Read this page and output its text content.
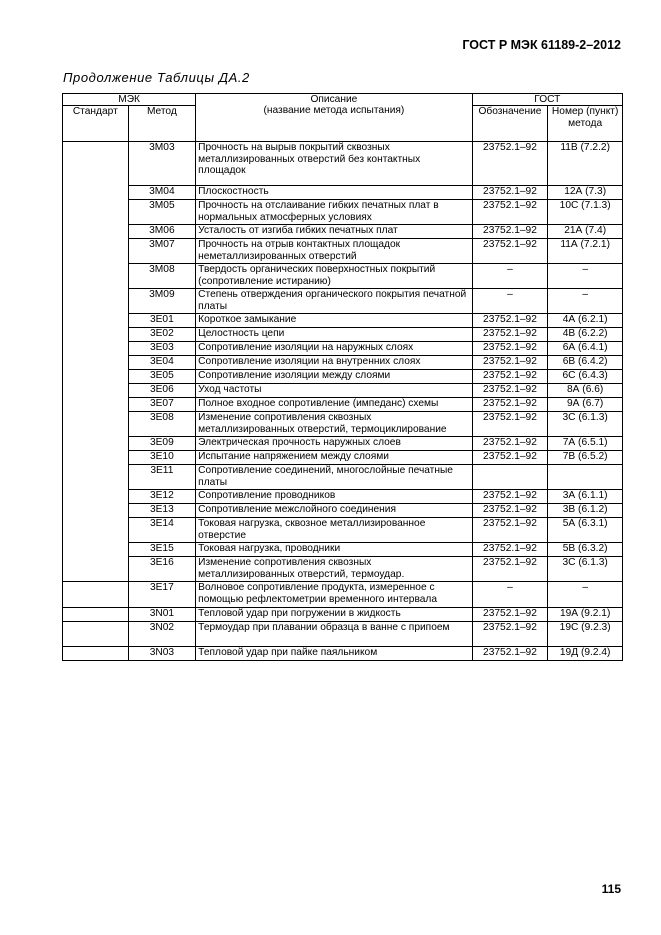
ГОСТ Р МЭК 61189-2–2012
Продолжение Таблицы ДА.2
МЭК		Описание
(название метода испытания)	ГОСТ	
Стандарт	Метод		Обозначение	Номер (пункт) метода
	3М03	Прочность на вырыв покрытий сквозных металлизированных отверстий без контактных площадок	23752.1–92	11В (7.2.2)
	3М04	Плоскостность	23752.1–92	12А (7.3)
	3М05	Прочность на отслаивание гибких печатных плат в нормальных атмосферных условиях	23752.1–92	10С (7.1.3)
	3М06	Усталость от изгиба гибких печатных плат	23752.1–92	21А (7.4)
	3М07	Прочность на отрыв контактных площадок неметаллизированных отверстий	23752.1–92	11А (7.2.1)
	3М08	Твердость органических поверхностных покрытий (сопротивление истиранию)	–	–
	3М09	Степень отверждения органического покрытия печатной платы	–	–
	3Е01	Короткое замыкание	23752.1–92	4А (6.2.1)
	3Е02	Целостность цепи	23752.1–92	4В (6.2.2)
	3Е03	Сопротивление изоляции на наружных слоях	23752.1–92	6А (6.4.1)
	3Е04	Сопротивление изоляции на внутренних слоях	23752.1–92	6В (6.4.2)
	3Е05	Сопротивление изоляции между слоями	23752.1–92	6С (6.4.3)
	3Е06	Уход частоты	23752.1–92	8А (6.6)
	3Е07	Полное входное сопротивление (импеданс) схемы	23752.1–92	9А (6.7)
	3Е08	Изменение сопротивления сквозных металлизированных отверстий, термоциклирование	23752.1–92	3С (6.1.3)
	3Е09	Электрическая прочность наружных слоев	23752.1–92	7А (6.5.1)
	3Е10	Испытание напряжением между слоями	23752.1–92	7В (6.5.2)
	3Е11	Сопротивление соединений, многослойные печатные платы		
	3Е12	Сопротивление проводников	23752.1–92	3А (6.1.1)
	3Е13	Сопротивление межслойного соединения	23752.1–92	3В (6.1.2)
	3Е14	Токовая нагрузка, сквозное металлизированное отверстие	23752.1–92	5А (6.3.1)
	3Е15	Токовая нагрузка, проводники	23752.1–92	5В (6.3.2)
	3Е16	Изменение сопротивления сквозных металлизированных отверстий, термоудар.	23752.1–92	3С (6.1.3)
	3Е17	Волновое сопротивление продукта, измеренное с помощью рефлектометрии временного интервала	–	–
	3N01	Тепловой удар при погружении в жидкость	23752.1–92	19А (9.2.1)
	3N02	Термоудар при плавании образца в ванне с припоем	23752.1–92	19С (9.2.3)
	3N03	Тепловой удар при пайке паяльником	23752.1–92	19Д (9.2.4)
115
